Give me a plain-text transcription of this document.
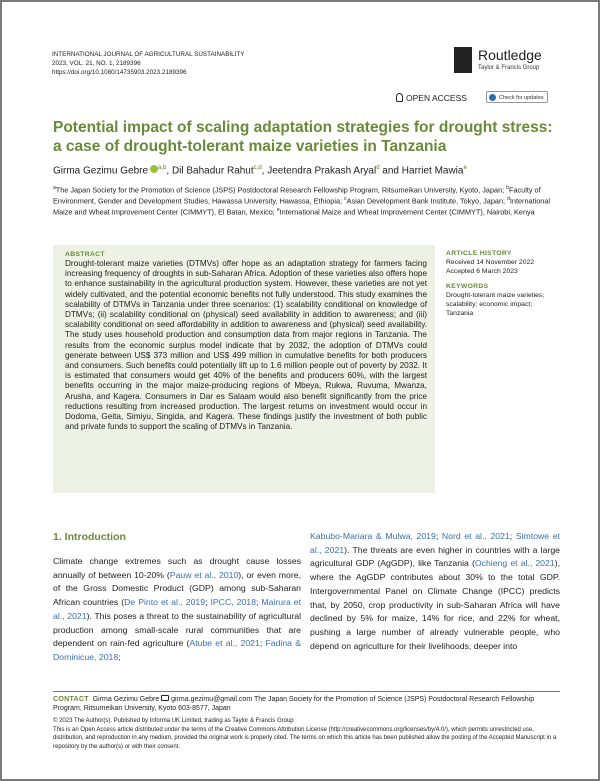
INTERNATIONAL JOURNAL OF AGRICULTURAL SUSTAINABILITY
2023, VOL. 21, NO. 1, 2189396
https://doi.org/10.1080/14735903.2023.2189396
Routledge
Taylor & Francis Group
OPEN ACCESS	Check for updates
Potential impact of scaling adaptation strategies for drought stress: a case of drought-tolerant maize varieties in Tanzania
Girma Gezimu Gebre $^{a,b}$, Dil Bahadur Rahut$^{c,d}$, Jeetendra Prakash Aryal$^d$ and Harriet Mawia$^e$
$^a$The Japan Society for the Promotion of Science (JSPS) Postdoctoral Research Fellowship Program, Ritsumeikan University, Kyoto, Japan; $^b$Faculty of Environment, Gender and Development Studies, Hawassa University, Hawassa, Ethiopia; $^c$Asian Development Bank Institute, Tokyo, Japan; $^d$International Maize and Wheat Improvement Center (CIMMYT), El Batan, Mexico; $^e$International Maize and Wheat Improvement Center (CIMMYT), Nairobi, Kenya
ABSTRACT
Drought-tolerant maize varieties (DTMVs) offer hope as an adaptation strategy for farmers facing increasing frequency of droughts in sub-Saharan Africa. Adoption of these varieties also offers hope to enhance sustainability in the agricultural production system. However, these varieties are not yet widely cultivated, and the potential economic benefits not fully understood. This study examines the scalability of DTMVs in Tanzania under three scenarios: (1) scalability conditional on knowledge of DTMVs; (ii) scalability conditional on (physical) seed availability in addition to awareness; and (iii) scalability conditional on seed affordability in addition to awareness and (physical) seed availability. The study uses household production and consumption data from major regions in Tanzania. The results from the economic surplus model indicate that by 2032, the adoption of DTMVs could generate between US$ 373 million and US$ 499 million in cumulative benefits for both producers and consumers. Such benefits could potentially lift up to 1.6 million people out of poverty by 2032. It is estimated that consumers would get 40% of the benefits and producers 60%, with the largest benefits occurring in the major maize-producing regions of Mbeya, Rukwa, Ruvuma, Mwanza, Arusha, and Kagera. Consumers in Dar es Salaam would also benefit significantly from the price reductions resulting from increased production. The largest returns on investment would occur in Dodoma, Geita, Simiyu, Singida, and Kagera. These findings justify the investment of both public and private funds to support the scaling of DTMVs in Tanzania.
ARTICLE HISTORY
Received 14 November 2022
Accepted 6 March 2023
KEYWORDS
Drought-tolerant maize varieties; scalability; economic impact; Tanzania
1. Introduction
Climate change extremes such as drought cause losses annually of between 10-20% (Pauw et al., 2010), or even more, of the Gross Domestic Product (GDP) among sub-Saharan African countries (De Pinto et al., 2019; IPCC, 2018; Mairura et al., 2021). This poses a threat to the sustainability of agricultural production among small-scale rural communities that are dependent on rain-fed agriculture (Atube et al., 2021; Fadina & Dominicue, 2018;
Kabubo-Mariara & Mulwa, 2019; Nord et al., 2021; Simtowe et al., 2021). The threats are even higher in countries with a large agricultural GDP (AgGDP), like Tanzania (Ochieng et al., 2021), where the AgGDP contributes about 30% to the total GDP. Intergovernmental Panel on Climate Change (IPCC) predicts that, by 2050, crop productivity in sub-Saharan Africa will have declined by 5% for maize, 14% for rice, and 22% for wheat, pushing a large number of already vulnerable people, who depend on agriculture for their livelihoods, deeper into
CONTACT Girma Gezimu Gebre girma.gezimu@gmail.com The Japan Society for the Promotion of Science (JSPS) Postdoctoral Research Fellowship Program, Ritsumeikan University, Kyoto 603-8577, Japan
© 2023 The Author(s). Published by Informa UK Limited, trading as Taylor & Francis Group
This is an Open Access article distributed under the terms of the Creative Commons Attribution License (http://creativecommons.org/licenses/by/4.0/), which permits unrestricted use, distribution, and reproduction in any medium, provided the original work is properly cited. The terms on which this article has been published allow the posting of the Accepted Manuscript in a repository by the author(s) or with their consent.
